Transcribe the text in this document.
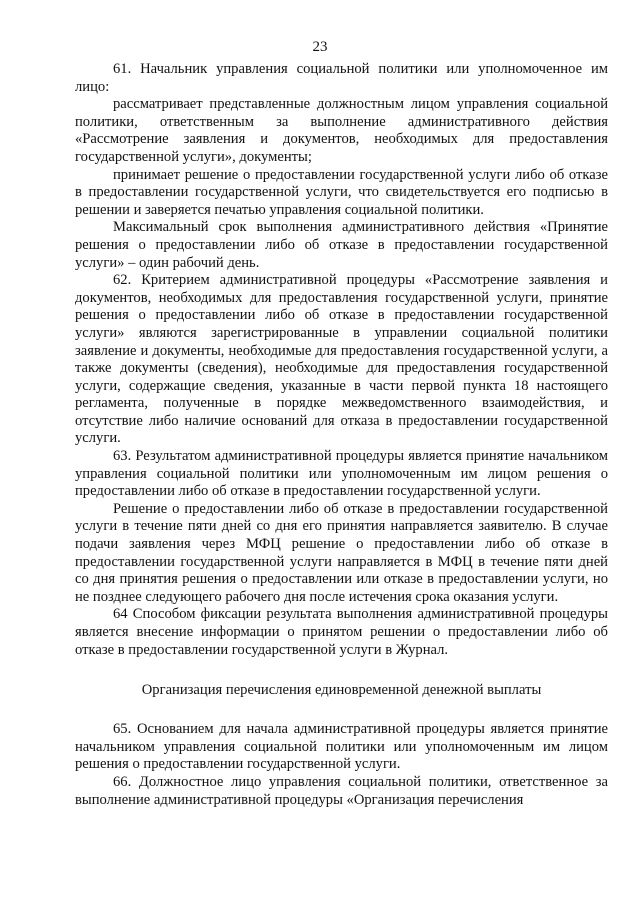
23

61. Начальник управления социальной политики или уполномоченное им лицо:

рассматривает представленные должностным лицом управления социальной политики, ответственным за выполнение административного действия «Рассмотрение заявления и документов, необходимых для предоставления государственной услуги», документы;

принимает решение о предоставлении государственной услуги либо об отказе в предоставлении государственной услуги, что свидетельствуется его подписью в решении и заверяется печатью управления социальной политики.

Максимальный срок выполнения административного действия «Принятие решения о предоставлении либо об отказе в предоставлении государственной услуги» – один рабочий день.

62. Критерием административной процедуры «Рассмотрение заявления и документов, необходимых для предоставления государственной услуги, принятие решения о предоставлении либо об отказе в предоставлении государственной услуги» являются зарегистрированные в управлении социальной политики заявление и документы, необходимые для предоставления государственной услуги, а также документы (сведения), необходимые для предоставления государственной услуги, содержащие сведения, указанные в части первой пункта 18 настоящего регламента, полученные в порядке межведомственного взаимодействия, и отсутствие либо наличие оснований для отказа в предоставлении государственной услуги.

63. Результатом административной процедуры является принятие начальником управления социальной политики или уполномоченным им лицом решения о предоставлении либо об отказе в предоставлении государственной услуги.

Решение о предоставлении либо об отказе в предоставлении государственной услуги в течение пяти дней со дня его принятия направляется заявителю. В случае подачи заявления через МФЦ решение о предоставлении либо об отказе в предоставлении государственной услуги направляется в МФЦ в течение пяти дней со дня принятия решения о предоставлении или отказе в предоставлении услуги, но не позднее следующего рабочего дня после истечения срока оказания услуги.

64 Способом фиксации результата выполнения административной процедуры является внесение информации о принятом решении о предоставлении либо об отказе в предоставлении государственной услуги в Журнал.

Организация перечисления единовременной денежной выплаты

65. Основанием для начала административной процедуры является принятие начальником управления социальной политики или уполномоченным им лицом решения о предоставлении государственной услуги.

66. Должностное лицо управления социальной политики, ответственное за выполнение административной процедуры «Организация перечисления
